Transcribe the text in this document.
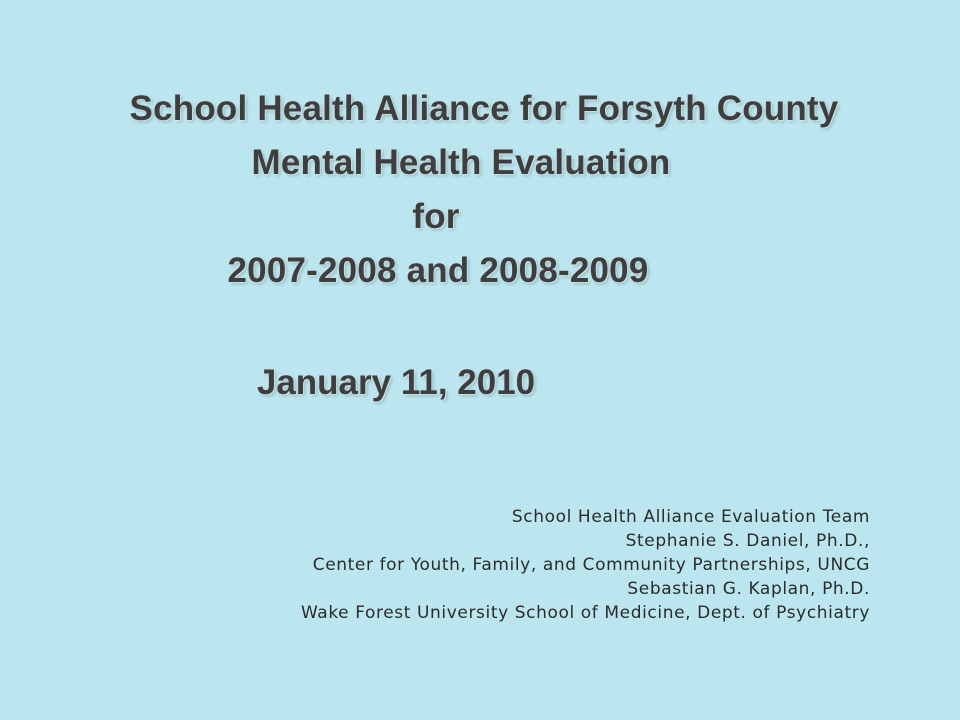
School Health Alliance for Forsyth County
Mental Health Evaluation
for
2007-2008 and 2008-2009
January 11, 2010
School Health Alliance Evaluation Team
Stephanie S. Daniel, Ph.D.,
Center for Youth, Family, and Community Partnerships, UNCG
Sebastian G. Kaplan, Ph.D.
Wake Forest University School of Medicine, Dept. of Psychiatry
